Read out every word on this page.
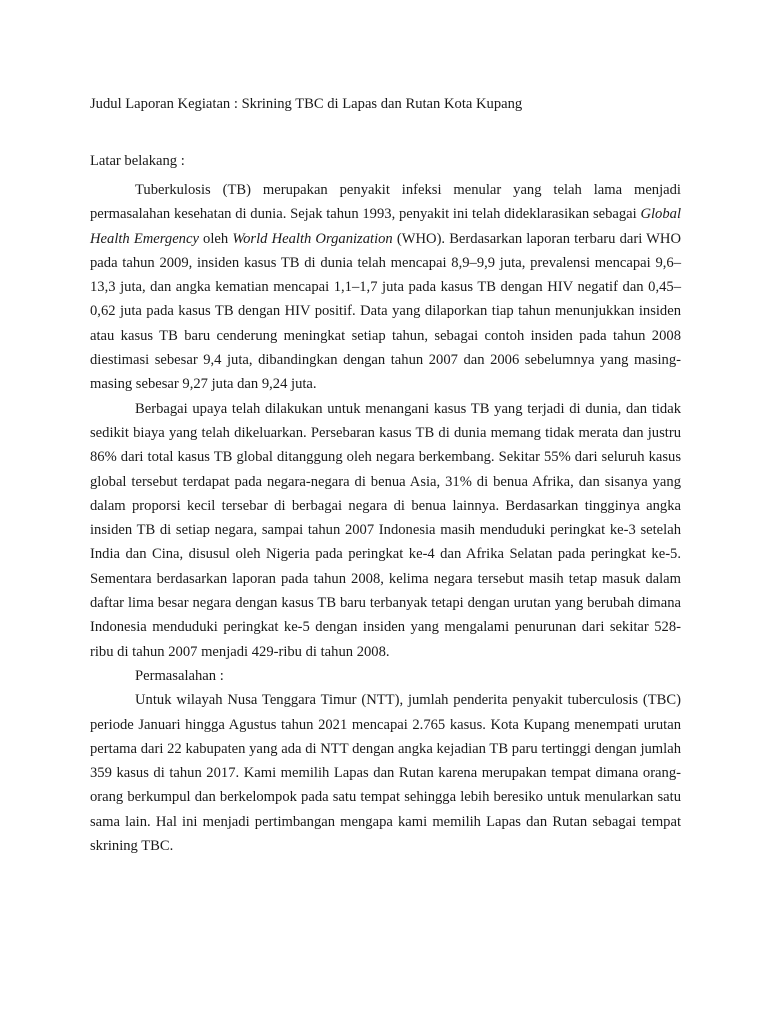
Judul Laporan Kegiatan : Skrining TBC di Lapas dan Rutan Kota Kupang

Latar belakang :

Tuberkulosis (TB) merupakan penyakit infeksi menular yang telah lama menjadi permasalahan kesehatan di dunia. Sejak tahun 1993, penyakit ini telah dideklarasikan sebagai Global Health Emergency oleh World Health Organization (WHO). Berdasarkan laporan terbaru dari WHO pada tahun 2009, insiden kasus TB di dunia telah mencapai 8,9–9,9 juta, prevalensi mencapai 9,6–13,3 juta, dan angka kematian mencapai 1,1–1,7 juta pada kasus TB dengan HIV negatif dan 0,45–0,62 juta pada kasus TB dengan HIV positif. Data yang dilaporkan tiap tahun menunjukkan insiden atau kasus TB baru cenderung meningkat setiap tahun, sebagai contoh insiden pada tahun 2008 diestimasi sebesar 9,4 juta, dibandingkan dengan tahun 2007 dan 2006 sebelumnya yang masing-masing sebesar 9,27 juta dan 9,24 juta.

Berbagai upaya telah dilakukan untuk menangani kasus TB yang terjadi di dunia, dan tidak sedikit biaya yang telah dikeluarkan. Persebaran kasus TB di dunia memang tidak merata dan justru 86% dari total kasus TB global ditanggung oleh negara berkembang. Sekitar 55% dari seluruh kasus global tersebut terdapat pada negara-negara di benua Asia, 31% di benua Afrika, dan sisanya yang dalam proporsi kecil tersebar di berbagai negara di benua lainnya. Berdasarkan tingginya angka insiden TB di setiap negara, sampai tahun 2007 Indonesia masih menduduki peringkat ke-3 setelah India dan Cina, disusul oleh Nigeria pada peringkat ke-4 dan Afrika Selatan pada peringkat ke-5. Sementara berdasarkan laporan pada tahun 2008, kelima negara tersebut masih tetap masuk dalam daftar lima besar negara dengan kasus TB baru terbanyak tetapi dengan urutan yang berubah dimana Indonesia menduduki peringkat ke-5 dengan insiden yang mengalami penurunan dari sekitar 528-ribu di tahun 2007 menjadi 429-ribu di tahun 2008.

Permasalahan :

Untuk wilayah Nusa Tenggara Timur (NTT), jumlah penderita penyakit tuberculosis (TBC) periode Januari hingga Agustus tahun 2021 mencapai 2.765 kasus. Kota Kupang menempati urutan pertama dari 22 kabupaten yang ada di NTT dengan angka kejadian TB paru tertinggi dengan jumlah 359 kasus di tahun 2017. Kami memilih Lapas dan Rutan karena merupakan tempat dimana orang-orang berkumpul dan berkelompok pada satu tempat sehingga lebih beresiko untuk menularkan satu sama lain. Hal ini menjadi pertimbangan mengapa kami memilih Lapas dan Rutan sebagai tempat skrining TBC.
